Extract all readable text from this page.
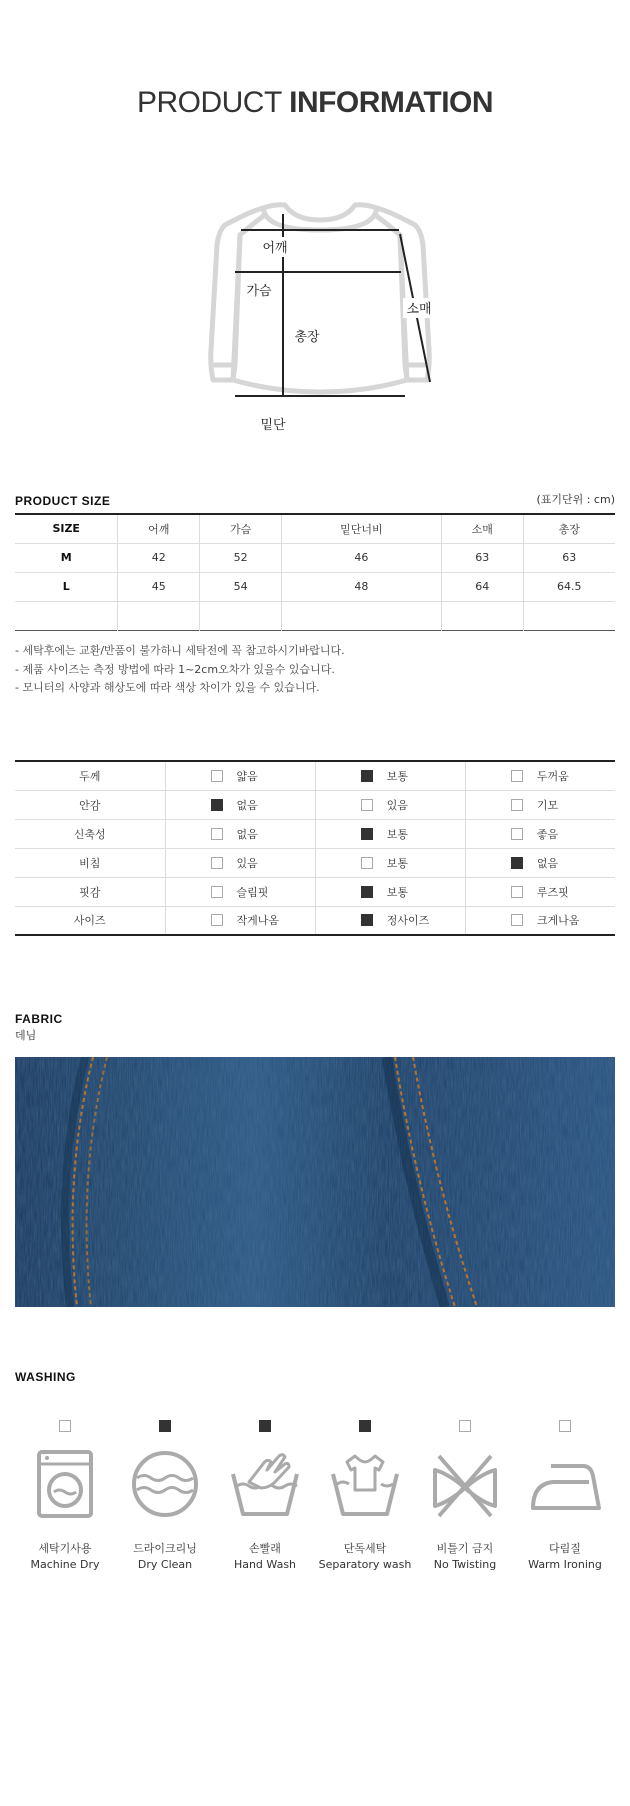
PRODUCT INFORMATION
어깨
가슴
총장
소매
밑단
PRODUCT SIZE	(표기단위 : cm)
SIZE	어깨	가슴	밑단너비	소매	총장
M	42	52	46	63	63
L	45	54	48	64	64.5

- 세탁후에는 교환/반품이 불가하니 세탁전에 꼭 참고하시기바랍니다.
- 제품 사이즈는 측정 방법에 따라 1~2cm오차가 있을수 있습니다.
- 모니터의 사양과 해상도에 따라 색상 차이가 있을 수 있습니다.
두께	얇음	보통	두꺼움
안감	없음	있음	기모
신축성	없음	보통	좋음
비침	있음	보통	없음
핏감	슬림핏	보통	루즈핏
사이즈	작게나옴	정사이즈	크게나옴
FABRIC
데님
WASHING
세탁기사용
Machine Dry
드라이크리닝
Dry Clean
손빨래
Hand Wash
단독세탁
Separatory wash
비틀기 금지
No Twisting
다림질
Warm Ironing
